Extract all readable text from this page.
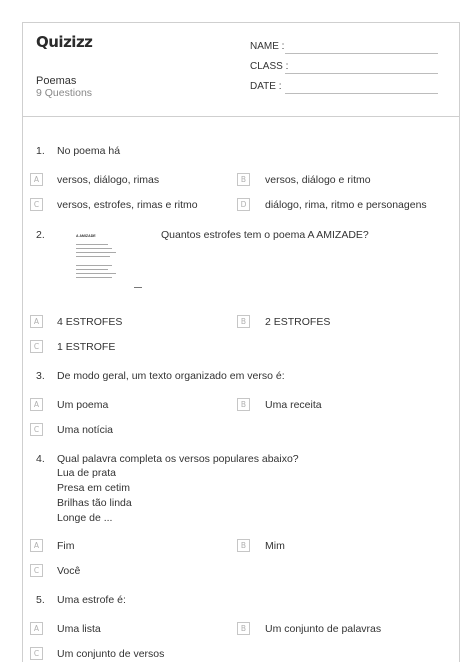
Quizizz
Poemas
9 Questions
NAME :
CLASS :
DATE :
1. No poema há
A	versos, diálogo, rimas	B	versos, diálogo e ritmo
C	versos, estrofes, rimas e ritmo	D	diálogo, rima, ritmo e personagens
2.	Quantos estrofes tem o poema A AMIZADE?
A AMIZADE
A	4 ESTROFES	B	2 ESTROFES
C	1 ESTROFE
3. De modo geral, um texto organizado em verso é:
A	Um poema	B	Uma receita
C	Uma notícia
4. Qual palavra completa os versos populares abaixo?
Lua de prata
Presa em cetim
Brilhas tão linda
Longe de ...
A	Fim	B	Mim
C	Você
5. Uma estrofe é:
A	Uma lista	B	Um conjunto de palavras
C	Um conjunto de versos
